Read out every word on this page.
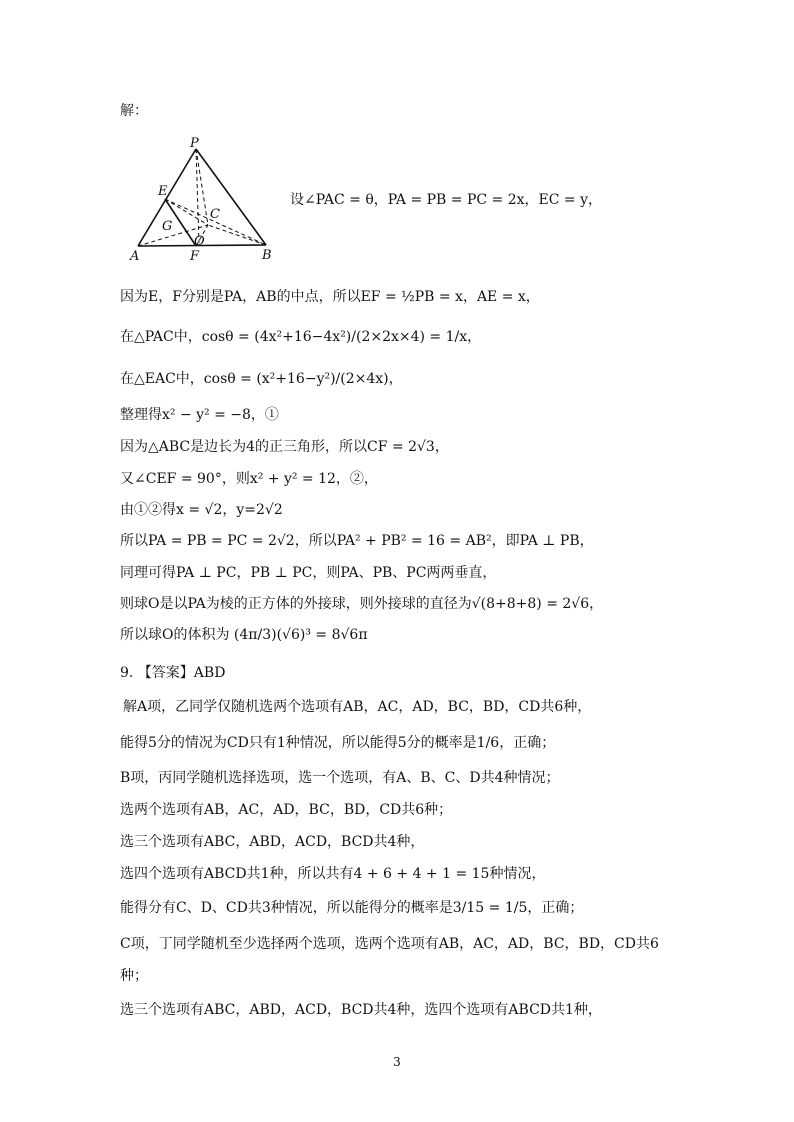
解：
P
E
C
G
O
A	F	B
设∠PAC = θ，PA = PB = PC = 2x，EC = y，
因为E，F分别是PA，AB的中点，所以EF = ½PB = x，AE = x，
在△PAC中，cosθ = (4x²+16−4x²)/(2×2x×4) = 1/x，
在△EAC中，cosθ = (x²+16−y²)/(2×4x)，
整理得x² − y² = −8，①
因为△ABC是边长为4的正三角形，所以CF = 2√3，
又∠CEF = 90°，则x² + y² = 12，②，
由①②得x = √2，y=2√2
所以PA = PB = PC = 2√2，所以PA² + PB² = 16 = AB²，即PA ⊥ PB，
同理可得PA ⊥ PC，PB ⊥ PC，则PA、PB、PC两两垂直，
则球O是以PA为棱的正方体的外接球，则外接球的直径为√(8+8+8) = 2√6，
所以球O的体积为 (4π/3)(√6)³ = 8√6π
9. 【答案】ABD
解A项，乙同学仅随机选两个选项有AB，AC，AD，BC，BD，CD共6种，
能得5分的情况为CD只有1种情况，所以能得5分的概率是1/6，正确；
B项，丙同学随机选择选项，选一个选项，有A、B、C、D共4种情况；
选两个选项有AB，AC，AD，BC，BD，CD共6种；
选三个选项有ABC，ABD，ACD，BCD共4种，
选四个选项有ABCD共1种，所以共有4 + 6 + 4 + 1 = 15种情况，
能得分有C、D、CD共3种情况，所以能得分的概率是3/15 = 1/5，正确；
C项，丁同学随机至少选择两个选项，选两个选项有AB，AC，AD，BC，BD，CD共6
种；
选三个选项有ABC，ABD，ACD，BCD共4种，选四个选项有ABCD共1种，
3
